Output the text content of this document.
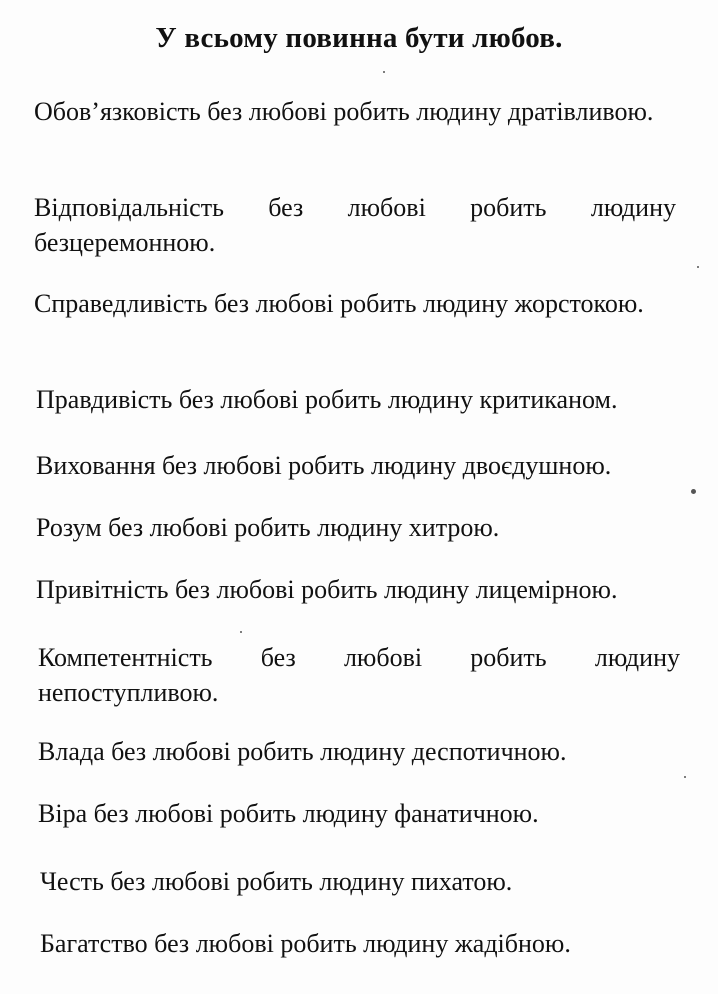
У всьому повинна бути любов.

Обов’язковість без любові робить людину дратівливою.

Відповідальність без любові робить людину безцеремонною.

Справедливість без любові робить людину жорстокою.

Правдивість без любові робить людину критиканом.

Виховання без любові робить людину двоєдушною.

Розум без любові робить людину хитрою.

Привітність без любові робить людину лицемірною.

Компетентність без любові робить людину непоступливою.

Влада без любові робить людину деспотичною.

Віра без любові робить людину фанатичною.

Честь без любові робить людину пихатою.

Багатство без любові робить людину жадібною.
